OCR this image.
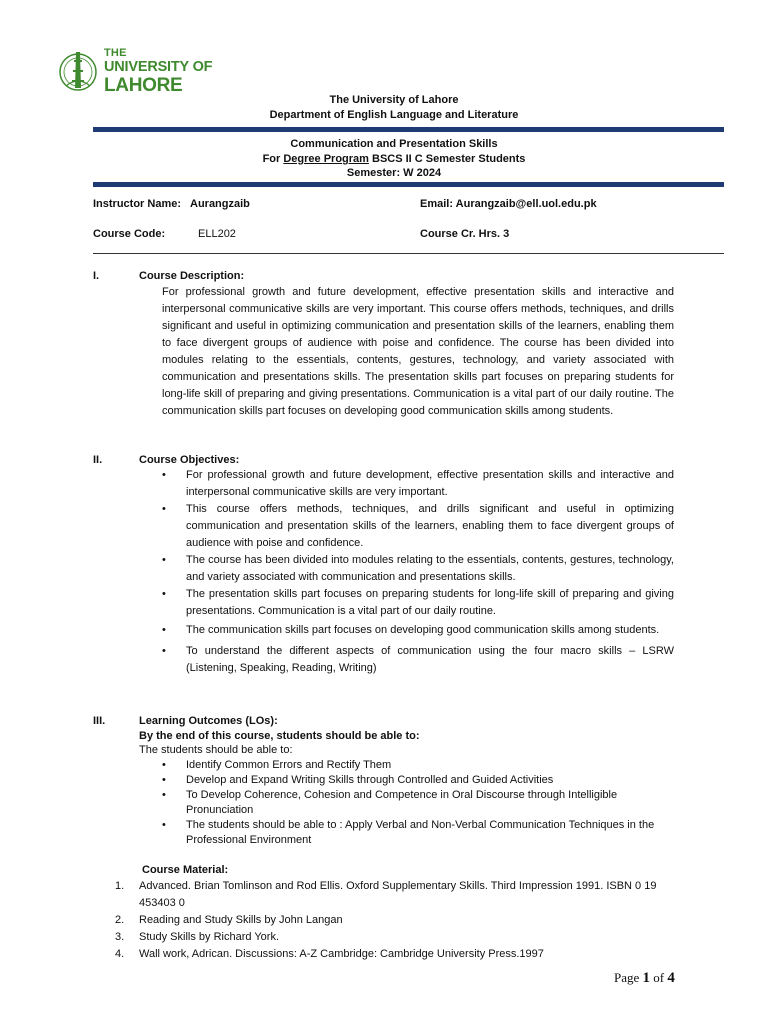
THE
UNIVERSITY OF
LAHORE
The University of Lahore
Department of English Language and Literature
Communication and Presentation Skills
For Degree Program BSCS II C Semester Students
Semester: W 2024
Instructor Name: Aurangzaib	Email: Aurangzaib@ell.uol.edu.pk
Course Code:	ELL202	Course Cr. Hrs. 3
I.	Course Description:
For professional growth and future development, effective presentation skills and interactive and interpersonal communicative skills are very important. This course offers methods, techniques, and drills significant and useful in optimizing communication and presentation skills of the learners, enabling them to face divergent groups of audience with poise and confidence. The course has been divided into modules relating to the essentials, contents, gestures, technology, and variety associated with communication and presentations skills. The presentation skills part focuses on preparing students for long-life skill of preparing and giving presentations. Communication is a vital part of our daily routine. The communication skills part focuses on developing good communication skills among students.
II.	Course Objectives:
• For professional growth and future development, effective presentation skills and interactive and interpersonal communicative skills are very important.
• This course offers methods, techniques, and drills significant and useful in optimizing communication and presentation skills of the learners, enabling them to face divergent groups of audience with poise and confidence.
• The course has been divided into modules relating to the essentials, contents, gestures, technology, and variety associated with communication and presentations skills.
• The presentation skills part focuses on preparing students for long-life skill of preparing and giving presentations. Communication is a vital part of our daily routine.
• The communication skills part focuses on developing good communication skills among students.
• To understand the different aspects of communication using the four macro skills – LSRW (Listening, Speaking, Reading, Writing)
III.	Learning Outcomes (LOs):
By the end of this course, students should be able to:
The students should be able to:
• Identify Common Errors and Rectify Them
• Develop and Expand Writing Skills through Controlled and Guided Activities
• To Develop Coherence, Cohesion and Competence in Oral Discourse through Intelligible Pronunciation
• The students should be able to : Apply Verbal and Non-Verbal Communication Techniques in the Professional Environment
Course Material:
1.	Advanced. Brian Tomlinson and Rod Ellis. Oxford Supplementary Skills. Third Impression 1991. ISBN 0 19 453403 0
2.	Reading and Study Skills by John Langan
3.	Study Skills by Richard York.
4.	Wall work, Adrican. Discussions: A-Z Cambridge: Cambridge University Press.1997
Page 1 of 4
